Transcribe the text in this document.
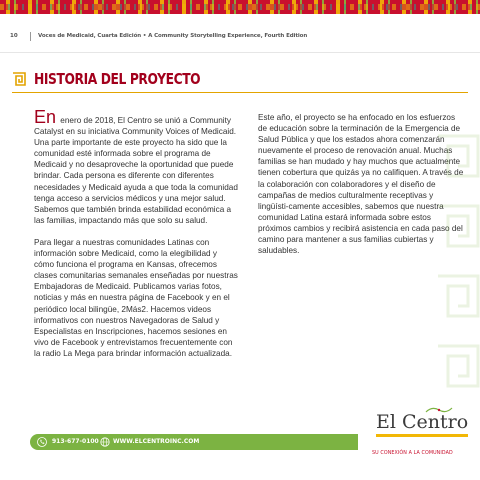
10	Voces de Medicaid, Cuarta Edición • A Community Storytelling Experience, Fourth Edition
HISTORIA DEL PROYECTO

En enero de 2018, El Centro se unió a Community Catalyst en su iniciativa Community Voices of Medicaid. Una parte importante de este proyecto ha sido que la comunidad esté informada sobre el programa de Medicaid y no desaproveche la oportunidad que puede brindar. Cada persona es diferente con diferentes necesidades y Medicaid ayuda a que toda la comunidad tenga acceso a servicios médicos y una mejor salud. Sabemos que también brinda estabilidad económica a las familias, impactando más que solo su salud.

Para llegar a nuestras comunidades Latinas con información sobre Medicaid, como la elegibilidad y cómo funciona el programa en Kansas, ofrecemos clases comunitarias semanales enseñadas por nuestras Embajadoras de Medicaid. Publicamos varias fotos, noticias y más en nuestra página de Facebook y en el periódico local bilingüe, 2Más2. Hacemos videos informativos con nuestros Navegadoras de Salud y Especialistas en Inscripciones, hacemos sesiones en vivo de Facebook y entrevistamos frecuentemente con la radio La Mega para brindar información actualizada.

Este año, el proyecto se ha enfocado en los esfuerzos de educación sobre la terminación de la Emergencia de Salud Pública y que los estados ahora comenzarán nuevamente el proceso de renovación anual. Muchas familias se han mudado y hay muchos que actualmente tienen cobertura que quizás ya no califiquen. A través de la colaboración con colaboradores y el diseño de campañas de medios culturalmente receptivas y lingüísti-camente accesibles, sabemos que nuestra comunidad Latina estará informada sobre estos próximos cambios y recibirá asistencia en cada paso del camino para mantener a sus familias cubiertas y saludables.

913-677-0100 WWW.ELCENTROINC.COM
El Centro
SU CONEXIÓN A LA COMUNIDAD
